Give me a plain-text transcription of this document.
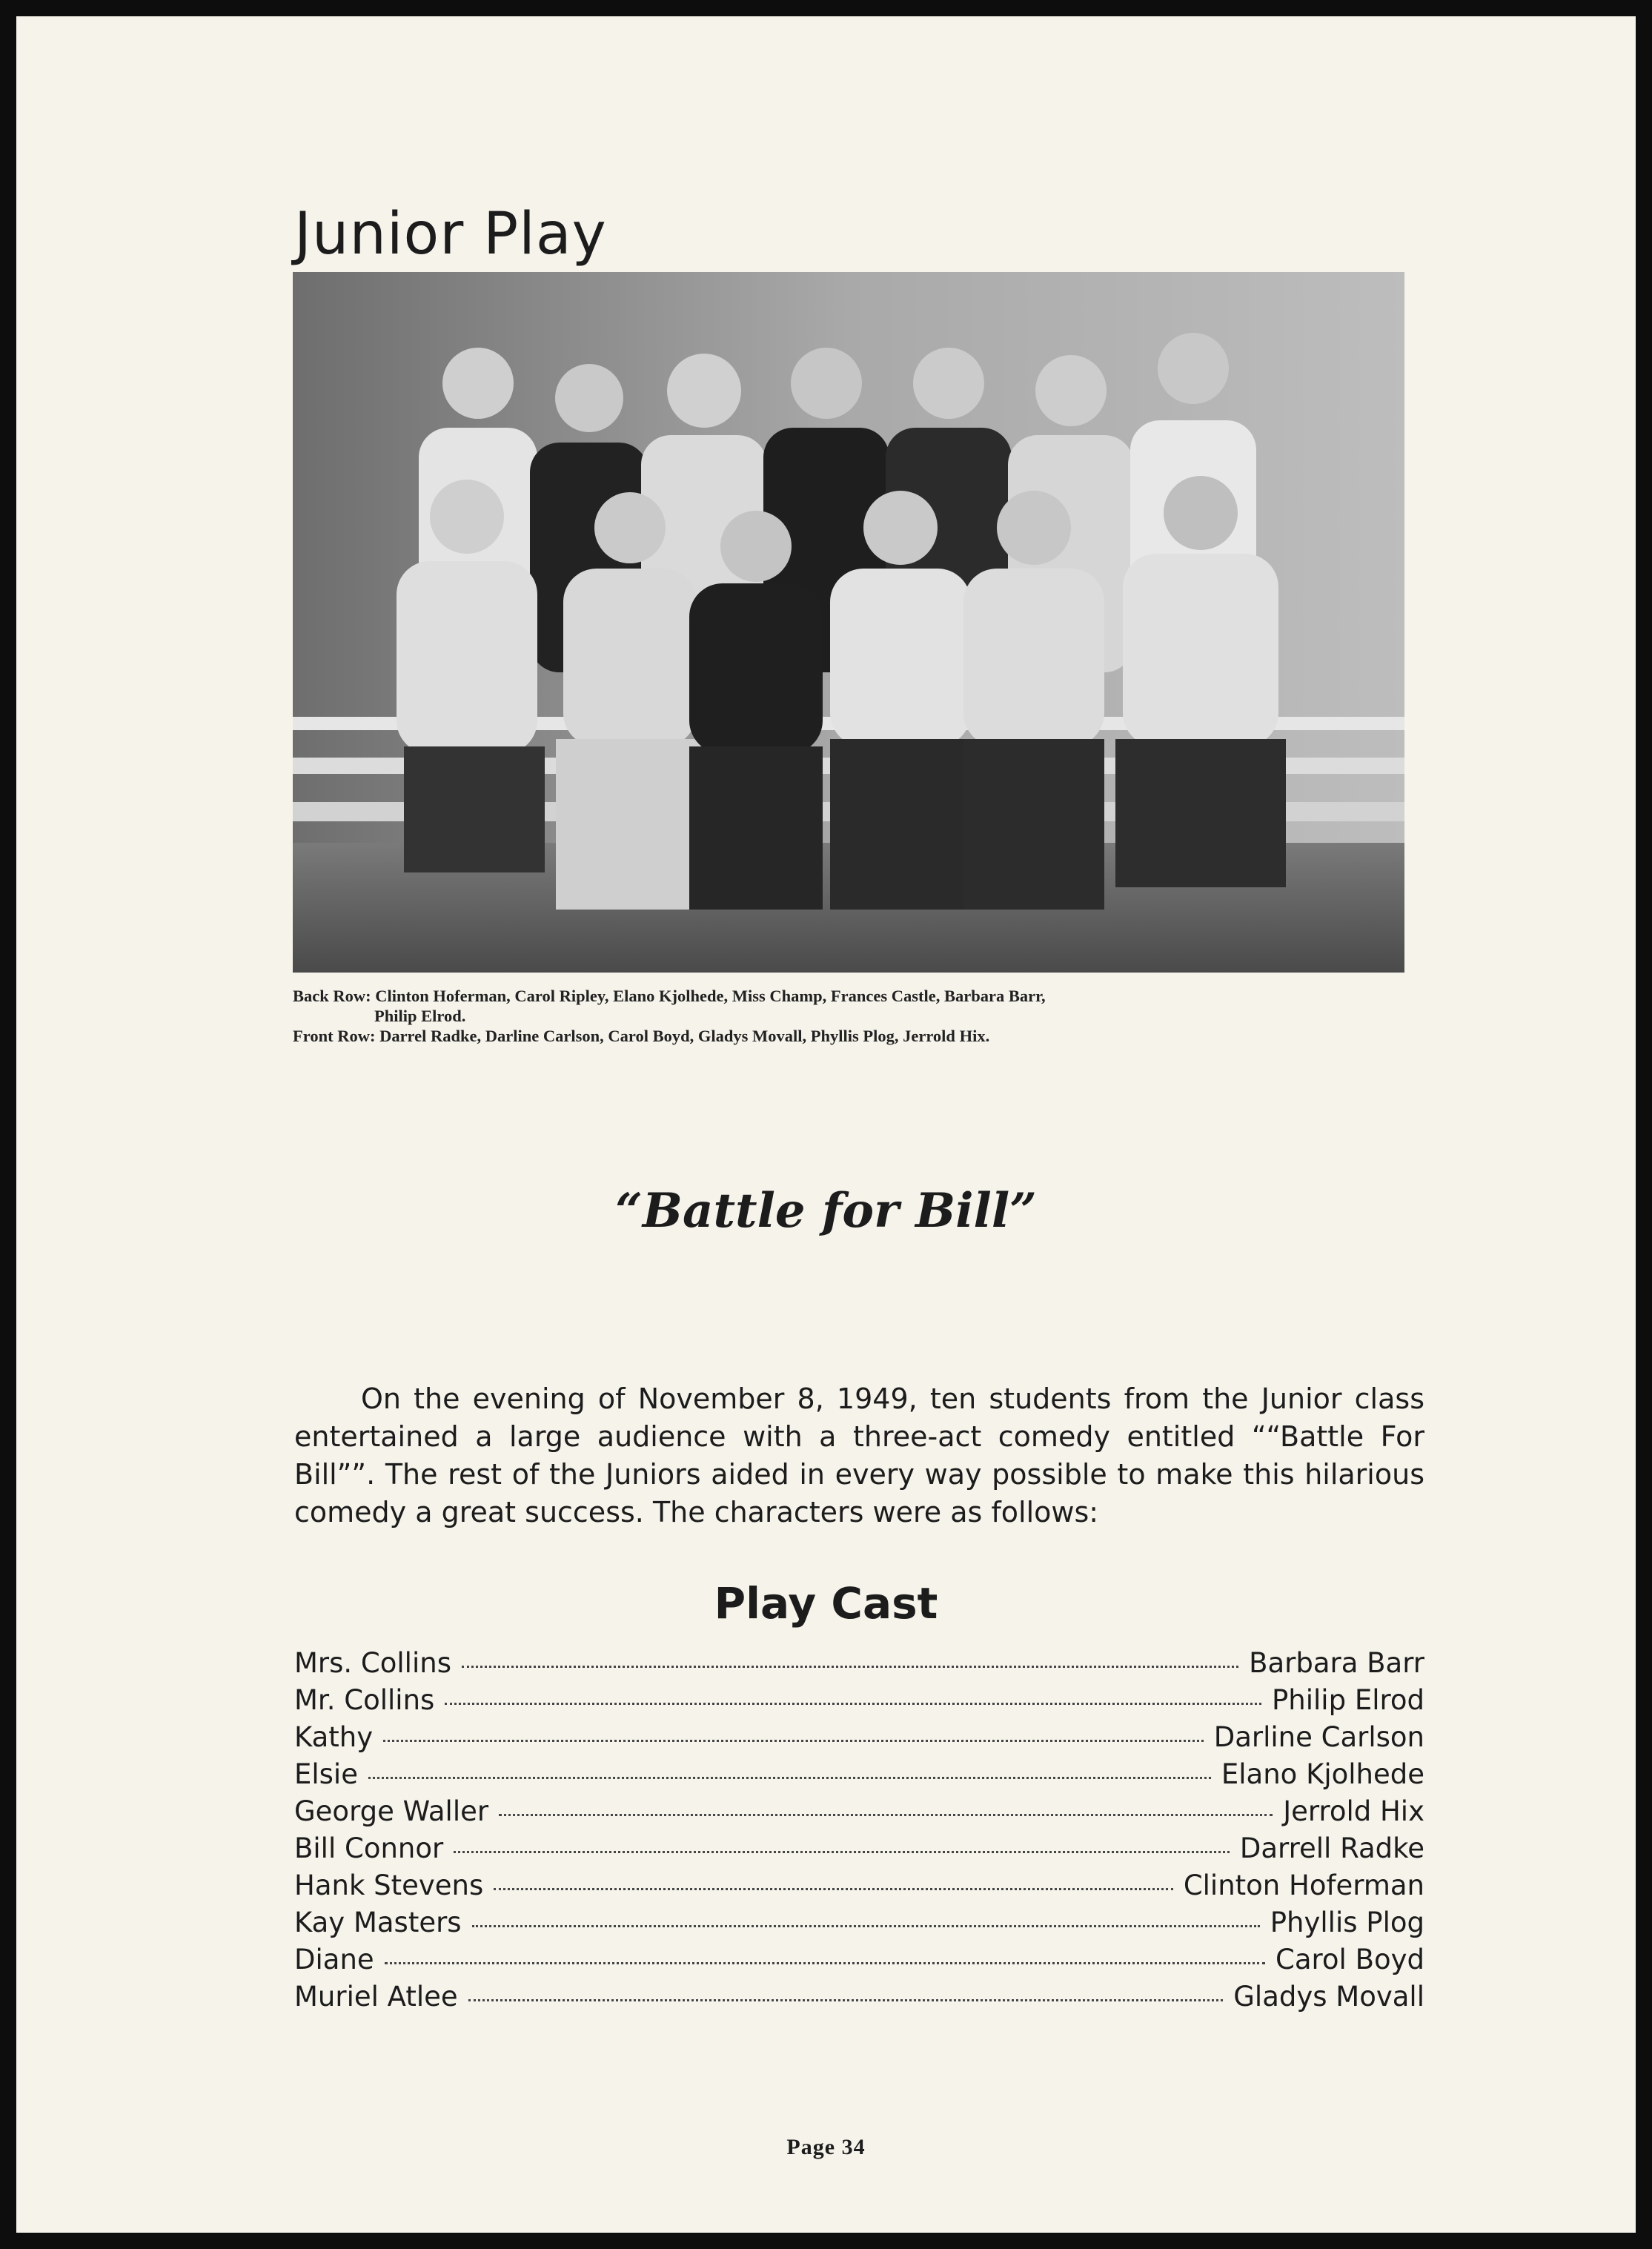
Junior Play

Back Row: Clinton Hoferman, Carol Ripley, Elano Kjolhede, Miss Champ, Frances Castle, Barbara Barr,

Philip Elrod.

Front Row: Darrel Radke, Darline Carlson, Carol Boyd, Gladys Movall, Phyllis Plog, Jerrold Hix.

“Battle for Bill”

On the evening of November 8, 1949, ten students from the Junior class entertained a large audience with a three-act comedy entitled ““Battle For Bill””. The rest of the Juniors aided in every way possible to make this hilarious comedy a great success. The characters were as follows:

Play Cast
Mrs. Collins	Barbara Barr
Mr. Collins	Philip Elrod
Kathy	Darline Carlson
Elsie	Elano Kjolhede
George Waller	Jerrold Hix
Bill Connor	Darrell Radke
Hank Stevens	Clinton Hoferman
Kay Masters	Phyllis Plog
Diane	Carol Boyd
Muriel Atlee	Gladys Movall

Page 34
